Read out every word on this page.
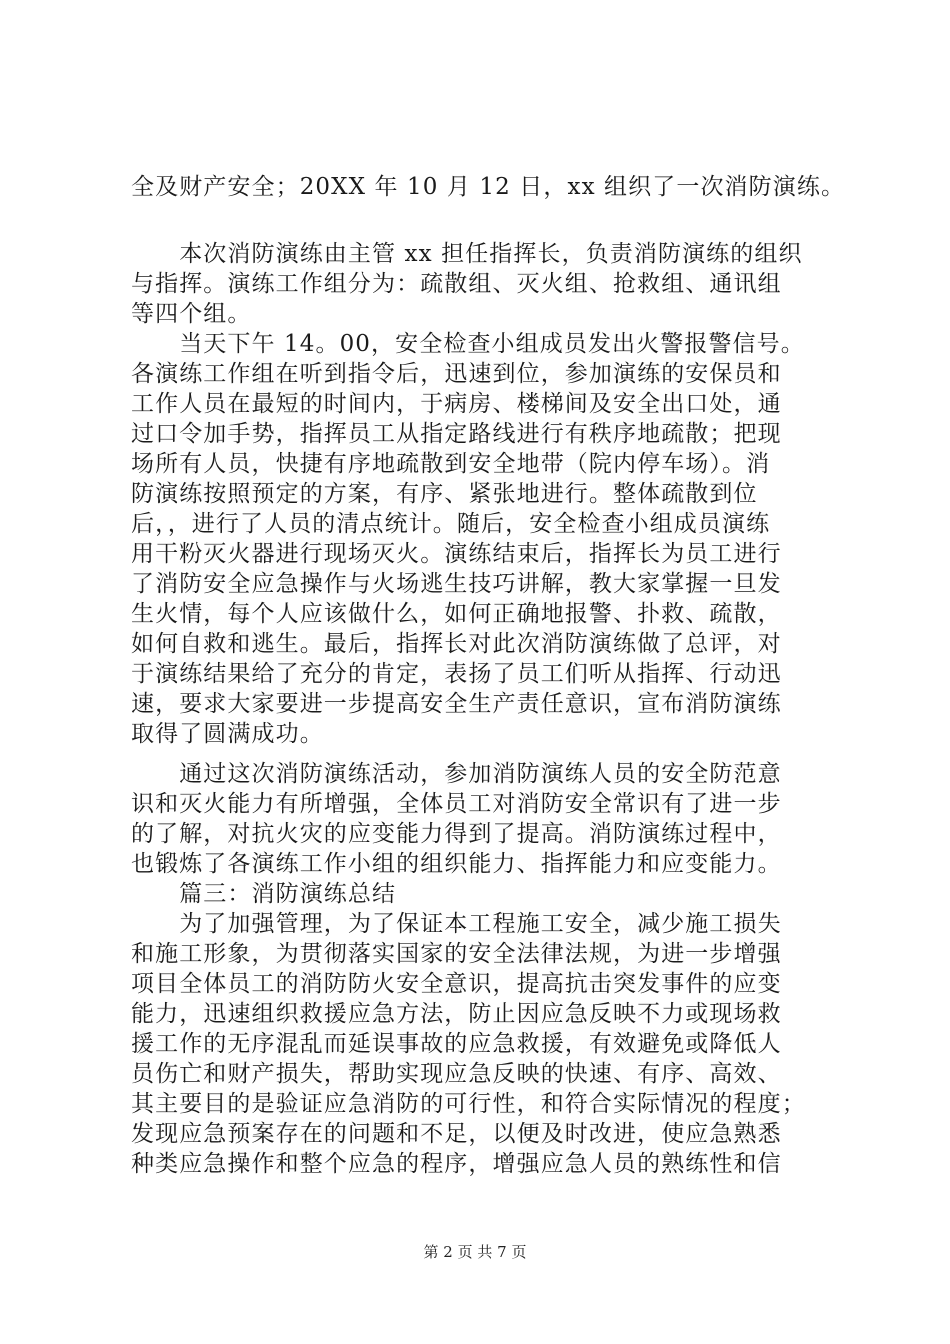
全及财产安全；20XX 年 10 月 12 日，xx 组织了一次消防演练。
　　本次消防演练由主管 xx 担任指挥长，负责消防演练的组织
与指挥。演练工作组分为：疏散组、灭火组、抢救组、通讯组
等四个组。
　　当天下午 14。00，安全检查小组成员发出火警报警信号。
各演练工作组在听到指令后，迅速到位，参加演练的安保员和
工作人员在最短的时间内，于病房、楼梯间及安全出口处，通
过口令加手势，指挥员工从指定路线进行有秩序地疏散；把现
场所有人员，快捷有序地疏散到安全地带（院内停车场）。消
防演练按照预定的方案，有序、紧张地进行。整体疏散到位
后，，进行了人员的清点统计。随后，安全检查小组成员演练
用干粉灭火器进行现场灭火。演练结束后，指挥长为员工进行
了消防安全应急操作与火场逃生技巧讲解，教大家掌握一旦发
生火情，每个人应该做什么，如何正确地报警、扑救、疏散，
如何自救和逃生。最后，指挥长对此次消防演练做了总评，对
于演练结果给了充分的肯定，表扬了员工们听从指挥、行动迅
速，要求大家要进一步提高安全生产责任意识，宣布消防演练
取得了圆满成功。
　　通过这次消防演练活动，参加消防演练人员的安全防范意
识和灭火能力有所增强，全体员工对消防安全常识有了进一步
的了解，对抗火灾的应变能力得到了提高。消防演练过程中，
也锻炼了各演练工作小组的组织能力、指挥能力和应变能力。
　　篇三：消防演练总结
　　为了加强管理，为了保证本工程施工安全，减少施工损失
和施工形象，为贯彻落实国家的安全法律法规，为进一步增强
项目全体员工的消防防火安全意识，提高抗击突发事件的应变
能力，迅速组织救援应急方法，防止因应急反映不力或现场救
援工作的无序混乱而延误事故的应急救援，有效避免或降低人
员伤亡和财产损失，帮助实现应急反映的快速、有序、高效、
其主要目的是验证应急消防的可行性，和符合实际情况的程度；
发现应急预案存在的问题和不足，以便及时改进，使应急熟悉
种类应急操作和整个应急的程序，增强应急人员的熟练性和信
第 2 页 共 7 页
